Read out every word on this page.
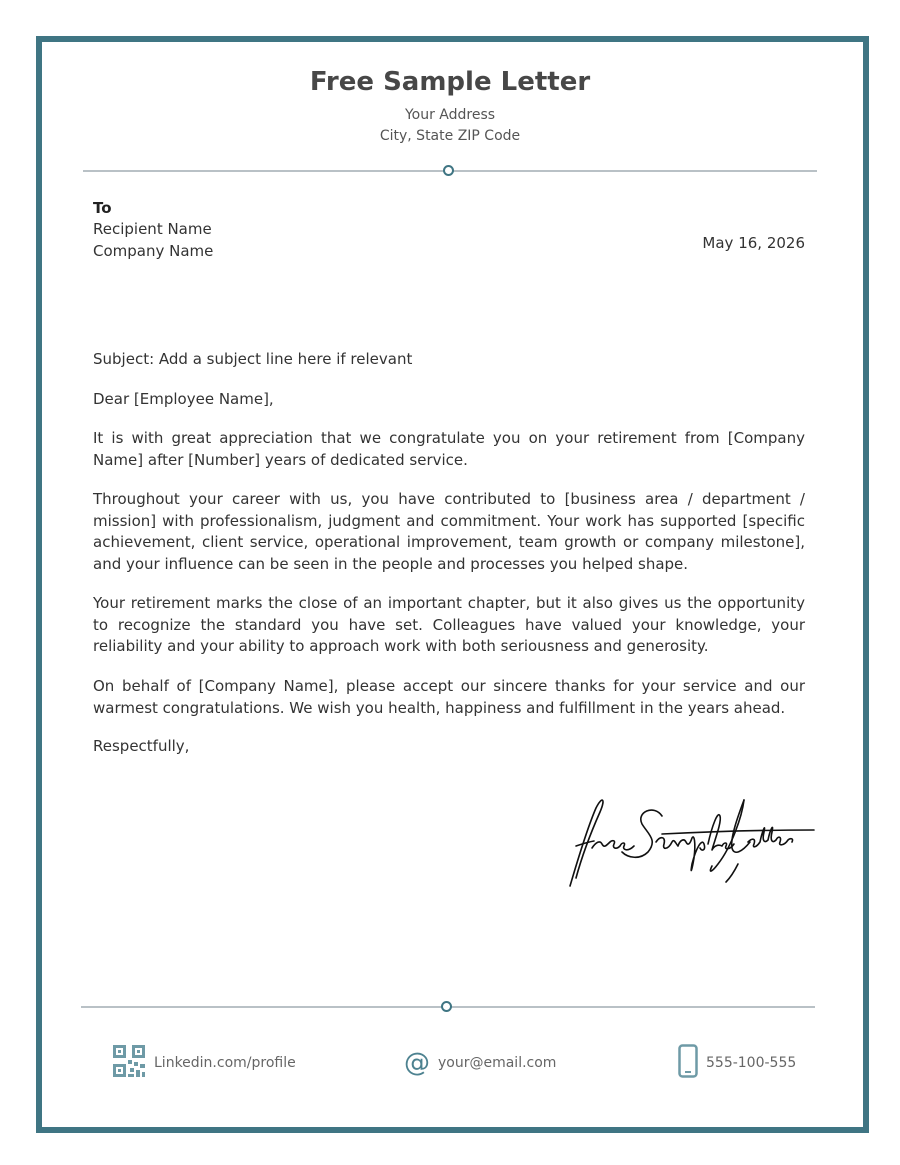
Free Sample Letter
Your Address
City, State ZIP Code
To
Recipient Name
Company Name	May 16, 2026

Subject: Add a subject line here if relevant

Dear [Employee Name],

It is with great appreciation that we congratulate you on your retirement from [Company Name] after [Number] years of dedicated service.

Throughout your career with us, you have contributed to [business area / department / mission] with professionalism, judgment and commitment. Your work has supported [specific achievement, client service, operational improvement, team growth or company milestone], and your influence can be seen in the people and processes you helped shape.

Your retirement marks the close of an important chapter, but it also gives us the opportunity to recognize the standard you have set. Colleagues have valued your knowledge, your reliability and your ability to approach work with both seriousness and generosity.

On behalf of [Company Name], please accept our sincere thanks for your service and our warmest congratulations. We wish you health, happiness and fulfillment in the years ahead.

Respectfully,

Linkedin.com/profile	@ your@email.com	555-100-555
